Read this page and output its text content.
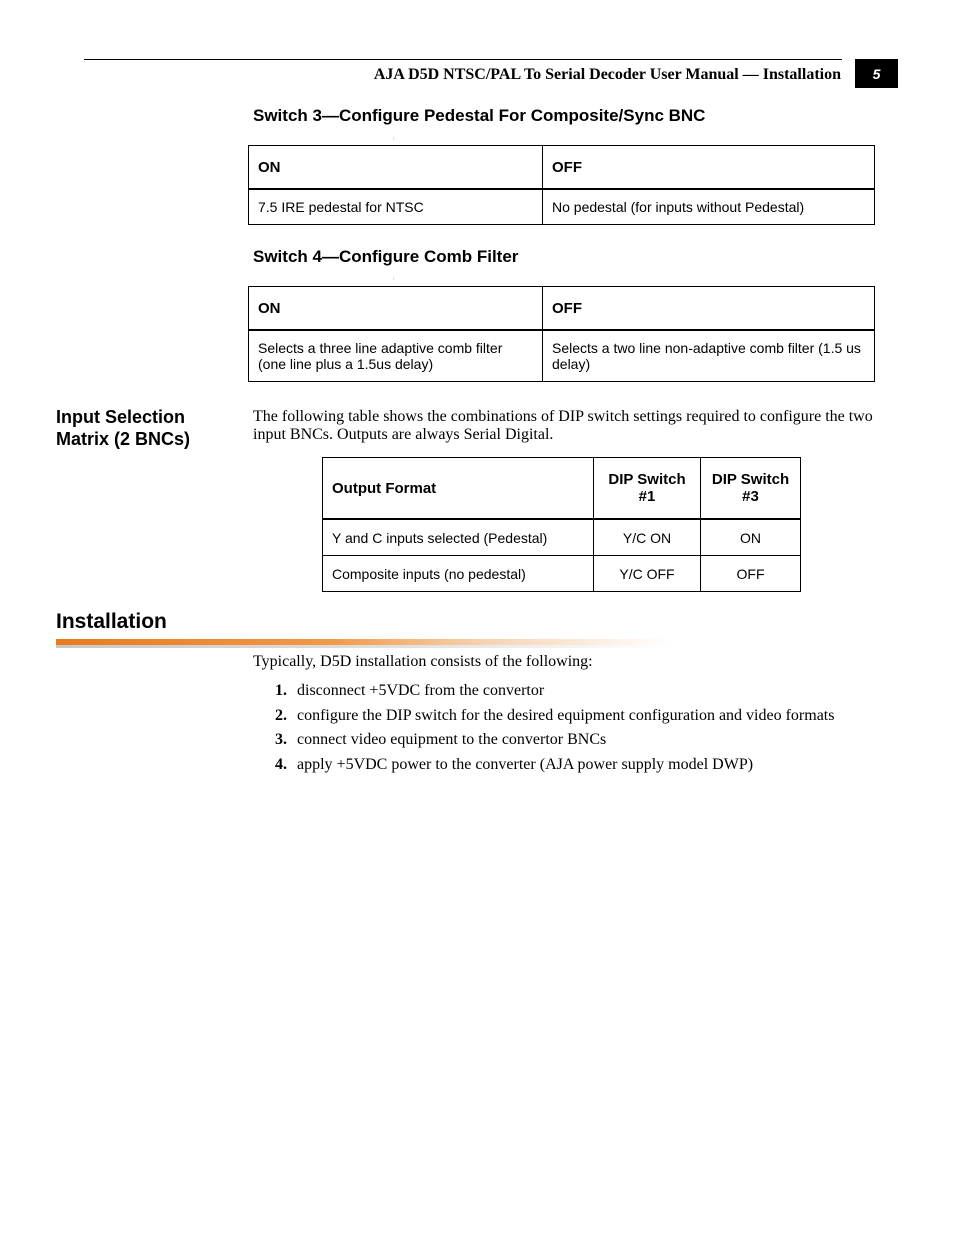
AJA D5D NTSC/PAL To Serial Decoder User Manual — Installation	5
Switch 3—Configure Pedestal For Composite/Sync BNC
:
ON	OFF
7.5 IRE pedestal for NTSC	No pedestal (for inputs without Pedestal)
Switch 4—Configure Comb Filter
:
ON	OFF
Selects a three line adaptive comb filter (one line plus a 1.5us delay)	Selects a two line non-adaptive comb filter (1.5 us delay)
Input Selection Matrix (2 BNCs)
The following table shows the combinations of DIP switch settings required to configure the two input BNCs. Outputs are always Serial Digital.
Output Format	DIP Switch #1	DIP Switch #3
Y and C inputs selected (Pedestal)	Y/C ON	ON
Composite inputs (no pedestal)	Y/C OFF	OFF
Installation
Typically, D5D installation consists of the following:
1. disconnect +5VDC from the convertor
2. configure the DIP switch for the desired equipment configuration and video formats
3. connect video equipment to the convertor BNCs
4. apply +5VDC power to the converter (AJA power supply model DWP)
